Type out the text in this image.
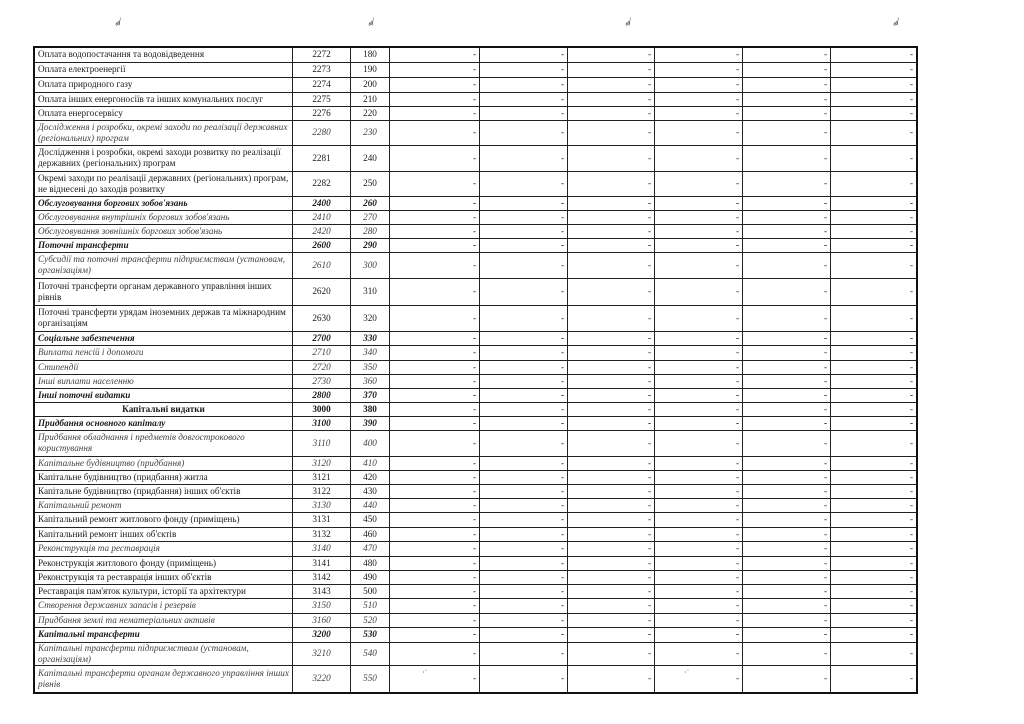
⸗⸗∕	⸗⸗∕	⸗⸗∕	⸗⸗∕
Оплата водопостачання та водовідведення	2272	180	-	-	-	-	-	-
Оплата електроенергії	2273	190	-	-	-	-	-	-
Оплата природного газу	2274	200	-	-	-	-	-	-
Оплата інших енергоносіїв та інших комунальних послуг	2275	210	-	-	-	-	-	-
Оплата енергосервісу	2276	220	-	-	-	-	-	-
Дослідження і розробки, окремі заходи по реалізації державних (регіональних) програм	2280	230	-	-	-	-	-	-
Дослідження і розробки, окремі заходи розвитку по реалізації державних (регіональних) програм	2281	240	-	-	-	-	-	-
Окремі заходи по реалізації державних (регіональних) програм, не віднесені до заходів розвитку	2282	250	-	-	-	-	-	-
Обслуговування боргових зобов'язань	2400	260	-	-	-	-	-	-
Обслуговування внутрішніх боргових зобов'язань	2410	270	-	-	-	-	-	-
Обслуговування зовнішніх боргових зобов'язань	2420	280	-	-	-	-	-	-
Поточні трансферти	2600	290	-	-	-	-	-	-
Субсидії та поточні трансферти підприємствам (установам, організаціям)	2610	300	-	-	-	-	-	-
Поточні трансферти органам державного управління інших рівнів	2620	310	-	-	-	-	-	-
Поточні трансферти урядам іноземних держав та міжнародним організаціям	2630	320	-	-	-	-	-	-
Соціальне забезпечення	2700	330	-	-	-	-	-	-
Виплата пенсій і допомоги	2710	340	-	-	-	-	-	-
Стипендії	2720	350	-	-	-	-	-	-
Інші виплати населенню	2730	360	-	-	-	-	-	-
Інші поточні видатки	2800	370	-	-	-	-	-	-
Капітальні видатки	3000	380	-	-	-	-	-	-
Придбання основного капіталу	3100	390	-	-	-	-	-	-
Придбання обладнання і предметів довгострокового користування	3110	400	-	-	-	-	-	-
Капітальне будівництво (придбання)	3120	410	-	-	-	-	-	-
Капітальне будівництво (придбання) житла	3121	420	-	-	-	-	-	-
Капітальне будівництво (придбання) інших об'єктів	3122	430	-	-	-	-	-	-
Капітальний ремонт	3130	440	-	-	-	-	-	-
Капітальний ремонт житлового фонду (приміщень)	3131	450	-	-	-	-	-	-
Капітальний ремонт інших об'єктів	3132	460	-	-	-	-	-	-
Реконструкція та реставрація	3140	470	-	-	-	-	-	-
Реконструкція житлового фонду (приміщень)	3141	480	-	-	-	-	-	-
Реконструкція та реставрація інших об'єктів	3142	490	-	-	-	-	-	-
Реставрація пам'яток культури, історії та архітектури	3143	500	-	-	-	-	-	-
Створення державних запасів і резервів	3150	510	-	-	-	-	-	-
Придбання землі та нематеріальних активів	3160	520	-	-	-	-	-	-
Капітальні трансферти	3200	530	-	-	-	-	-	-
Капітальні трансферти підприємствам (установам, організаціям)	3210	540	-	-	-	-	-	-
Капітальні трансферти органам державного управління інших рівнів	3220	550	-	-	-	-	-	-
·˙	·˙
